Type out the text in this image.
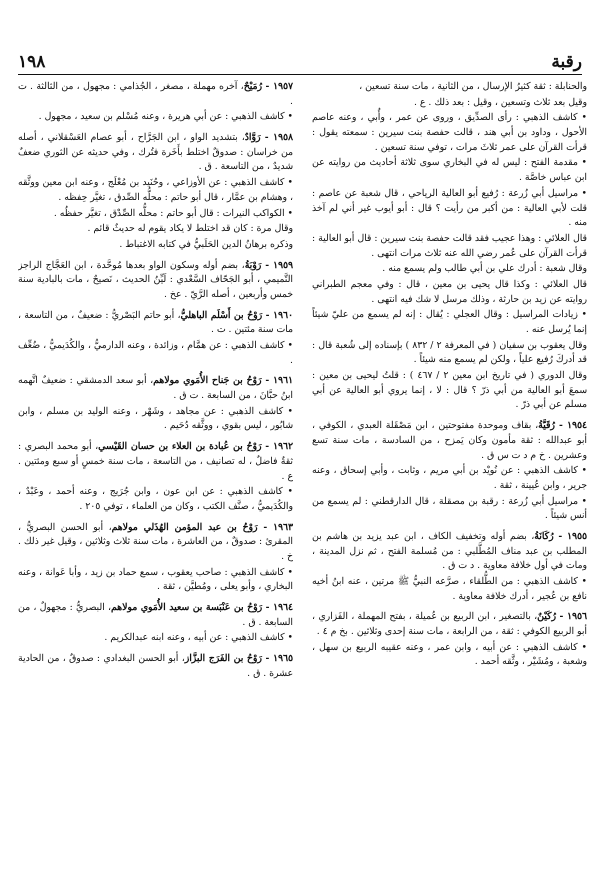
رقبة
١٩٨

والحنابلة : ثقة كثيرُ الإرسال ، من الثانية ، مات سنة تسعين ،

وقيل بعد ثلاث وتسعين ، وقيل : بعد ذلك . ع .

• كاشف الذهبي : رأى الصدِّيق ، وروى عن عمر ، وأُبي ، وعنه عاصم الأحول ، وداود بن أبي هند ، قالت حفصة بنت سيرين : سمعته يقول : قرأت القرآن على عمر ثلاثَ مرات ، توفي سنة تسعين .

• مقدمة الفتح : ليس له في البخاري سوى ثلاثة أحاديث من روايته عن ابن عباس خاصَّة .

• مراسيل أبي زُرعة : رُفيع أبو العالية الرياحي ، قال شعبة عن عاصم : قلت لأبي العالية : من أكبر من رأيت ؟ قال : أبو أيوب غير أني لم آخذ منه .

قال العلائي : وهذا عجيب فقد قالت حفصة بنت سيرين : قال أبو العالية : قرأت القرآن على عُمر رضي الله عنه ثلاث مرات انتهى .

وقال شعبة : أدرك علي بن أبي طالب ولم يسمع منه .

قال العلائي : وكذا قال يحيى بن معين ، قال : وفي معجم الطبراني روايته عن زيد بن حارثة ، وذلك مرسل لا شك فيه انتهى .

• زيادات المراسيل : وقال العجلي : يُقال : إنه لم يسمع من عليّ شيئاً إنما يُرسل عنه .

وقال يعقوب بن سفيان ( في المعرفة ٢ / ٨٣٢ ) بإسناده إلى شُعبة قال : قد أدركَ رُفيع علياً ، ولكن لم يسمع منه شيئاً .

وقال الدوري ( في تاريخ ابن معين ٢ / ٤٦٧ ) : قلتُ ليحيى بن معين : سمعَ أبو العالية من أبي ذرّ ؟ قال : لا ، إنما يروي أبو العالية عن أبي مسلم عن أبي ذرّ .

١٩٥٤ - رُقَيَّةُ، بقاف وموحدة مفتوحتين ، ابن مَصْقَلة العبدي ، الكوفي ، أبو عبدالله : ثقة مأمون وكان يَمزح ، من السادسة ، مات سنة تسع وعشرين . خ م د ت س ق .

• كاشف الذهبي : عن نُويْد بن أبي مريم ، وثابت ، وأبي إسحاق ، وعنه جرير ، وابن عُيينة ، ثقة .

• مراسيل أبي زُرعة : رقبة بن مصقلة ، قال الدارقطني : لم يسمع من أنس شيئاً .

١٩٥٥ - رُكَانَةُ، بضم أوله وتخفيف الكاف ، ابن عبد يزيد بن هاشم بن المطلب بن عبد مناف المُطَّلبي : من مُسلمة الفتح ، ثم نزل المدينة ، ومات في أول خلافة معاوية . د ت ق .

• كاشف الذهبي : من الطُّلقاء ، صرَّعه النبيُّ ﷺ مرتين ، عنه ابنُ أخيه نافع بن عُجير ، أدرك خلافة معاوية .

١٩٥٦ - رُكَيْنٌ، بالتصغير ، ابن الربيع بن عُميلة ، بفتح المهملة ، الفَزاري ، أبو الربيع الكوفي : ثقة ، من الرابعة ، مات سنة إحدى وثلاثين . بخ م ٤ .

• كاشف الذهبي : عن أبيه ، وابن عمر ، وعنه عقيبه الربيع بن سهل ، وشعبة ، ومُشَيْر ، وثَّقه أحمد .

١٩٥٧ - رُمَيْحٌ، آخره مهملة ، مصغر ، الجُذامي : مجهول ، من الثالثة . ت .

• كاشف الذهبي : عن أبي هريرة ، وعنه مُسْلم بن سعيد ، مجهول .

١٩٥٨ - رَوَّادٌ، بتشديد الواو ، ابن الجَرَّاح ، أبو عصام العَسْقلاني ، أصله من خراسان : صدوقٌ اختلط بأَخَرة فتُرك ، وفي حديثه عن الثوري ضعفٌ شديدٌ ، من التاسعة . ق .

• كاشف الذهبي : عن الأوزاعي ، وحُنَيد بن مُعْلَج ، وعنه ابن معين ووثَّقه ، وهشام بن عمَّار ، قال أبو حاتم : محلُّه الصِّدق ، تغيَّر حِفظه .

• الكواكب النيرات : قال أبو حاتم : محلُّه الصِّدْق ، تغيَّر حفظُه .

وقال مرة : كان قد اختلط لا يكاد يقوم له حديثٌ قائم .

وذكره برهانُ الدين الحَلَبيُّ في كتابه الاغتباط .

١٩٥٩ - رَوْبَةُ، بضم أوله وسكون الواو بعدها مُوحَّدة ، ابن العَجَّاج الراجز التَّميمي ، أبو الجَحّاف السَّعْدي : لَيِّنُ الحديث ، نَصيحٌ ، مات بالبادية سنة خمس وأربعين ، أصله الرَّيّ . عخ .

١٩٦٠ - رَوْحُ بن أَسْلَم الباهليُّ، أبو حاتم البَصْريُّ : ضعيفٌ ، من التاسعة ، مات سنة مئتين . ت .

• كاشف الذهبي : عن همَّام ، وزائدة ، وعنه الدارميُّ ، والكُدَيميُّ ، ضُعِّف .

١٩٦١ - رَوْحُ بن جَناح الأُمَوي مولاهم، أبو سعد الدمشقي : ضعيفٌ اتَّهمه ابنُ حبَّانَ ، من السابعة . ت ق .

• كاشف الذهبي : عن مجاهد ، وشَهْر ، وعنه الوليد بن مسلم ، وابن شابُور ، ليس بقوي ، ووثَّقه دُحَيم .

١٩٦٢ - رَوْحُ بن عُبادة بن العلاء بن حسان القَيْسي، أبو محمد البصري : ثقةٌ فاضلٌ ، له تصانيف ، من التاسعة ، مات سنة خمسٍ أو سبع ومئتين . ع .

• كاشف الذهبي : عن ابن عون ، وابن جُرَيج ، وعنه أحمد ، وعَبْدٌ ، والكُدَيميُّ ، صنَّف الكتب ، وكان من العلماء ، توفي ٢٠٥ .

١٩٦٣ - رَوْحُ بن عبد المؤمن الهُذَلي مولاهم، أبو الحسن البصريُّ ، المقرئ : صدوقٌ ، من العاشرة ، مات سنة ثلاث وثلاثين ، وقيل غير ذلك . خ .

• كاشف الذهبي : صاحب يعقوب ، سمع حماد بن زيد ، وأبا عَوانة ، وعنه البخاري ، وأبو يعلى ، ومُطيَّن ، ثقة .

١٩٦٤ - رَوْحُ بن عَنْبَسة بن سعيد الأُمَوي مولاهم، البصريُّ : مجهولٌ ، من السابعة . ق .

• كاشف الذهبي : عن أبيه ، وعنه ابنه عبدالكريم .

١٩٦٥ - رَوْحُ بن الفَرَج البزَّاز، أبو الحسن البغدادي : صدوقٌ ، من الحادية عشرة . ق .
